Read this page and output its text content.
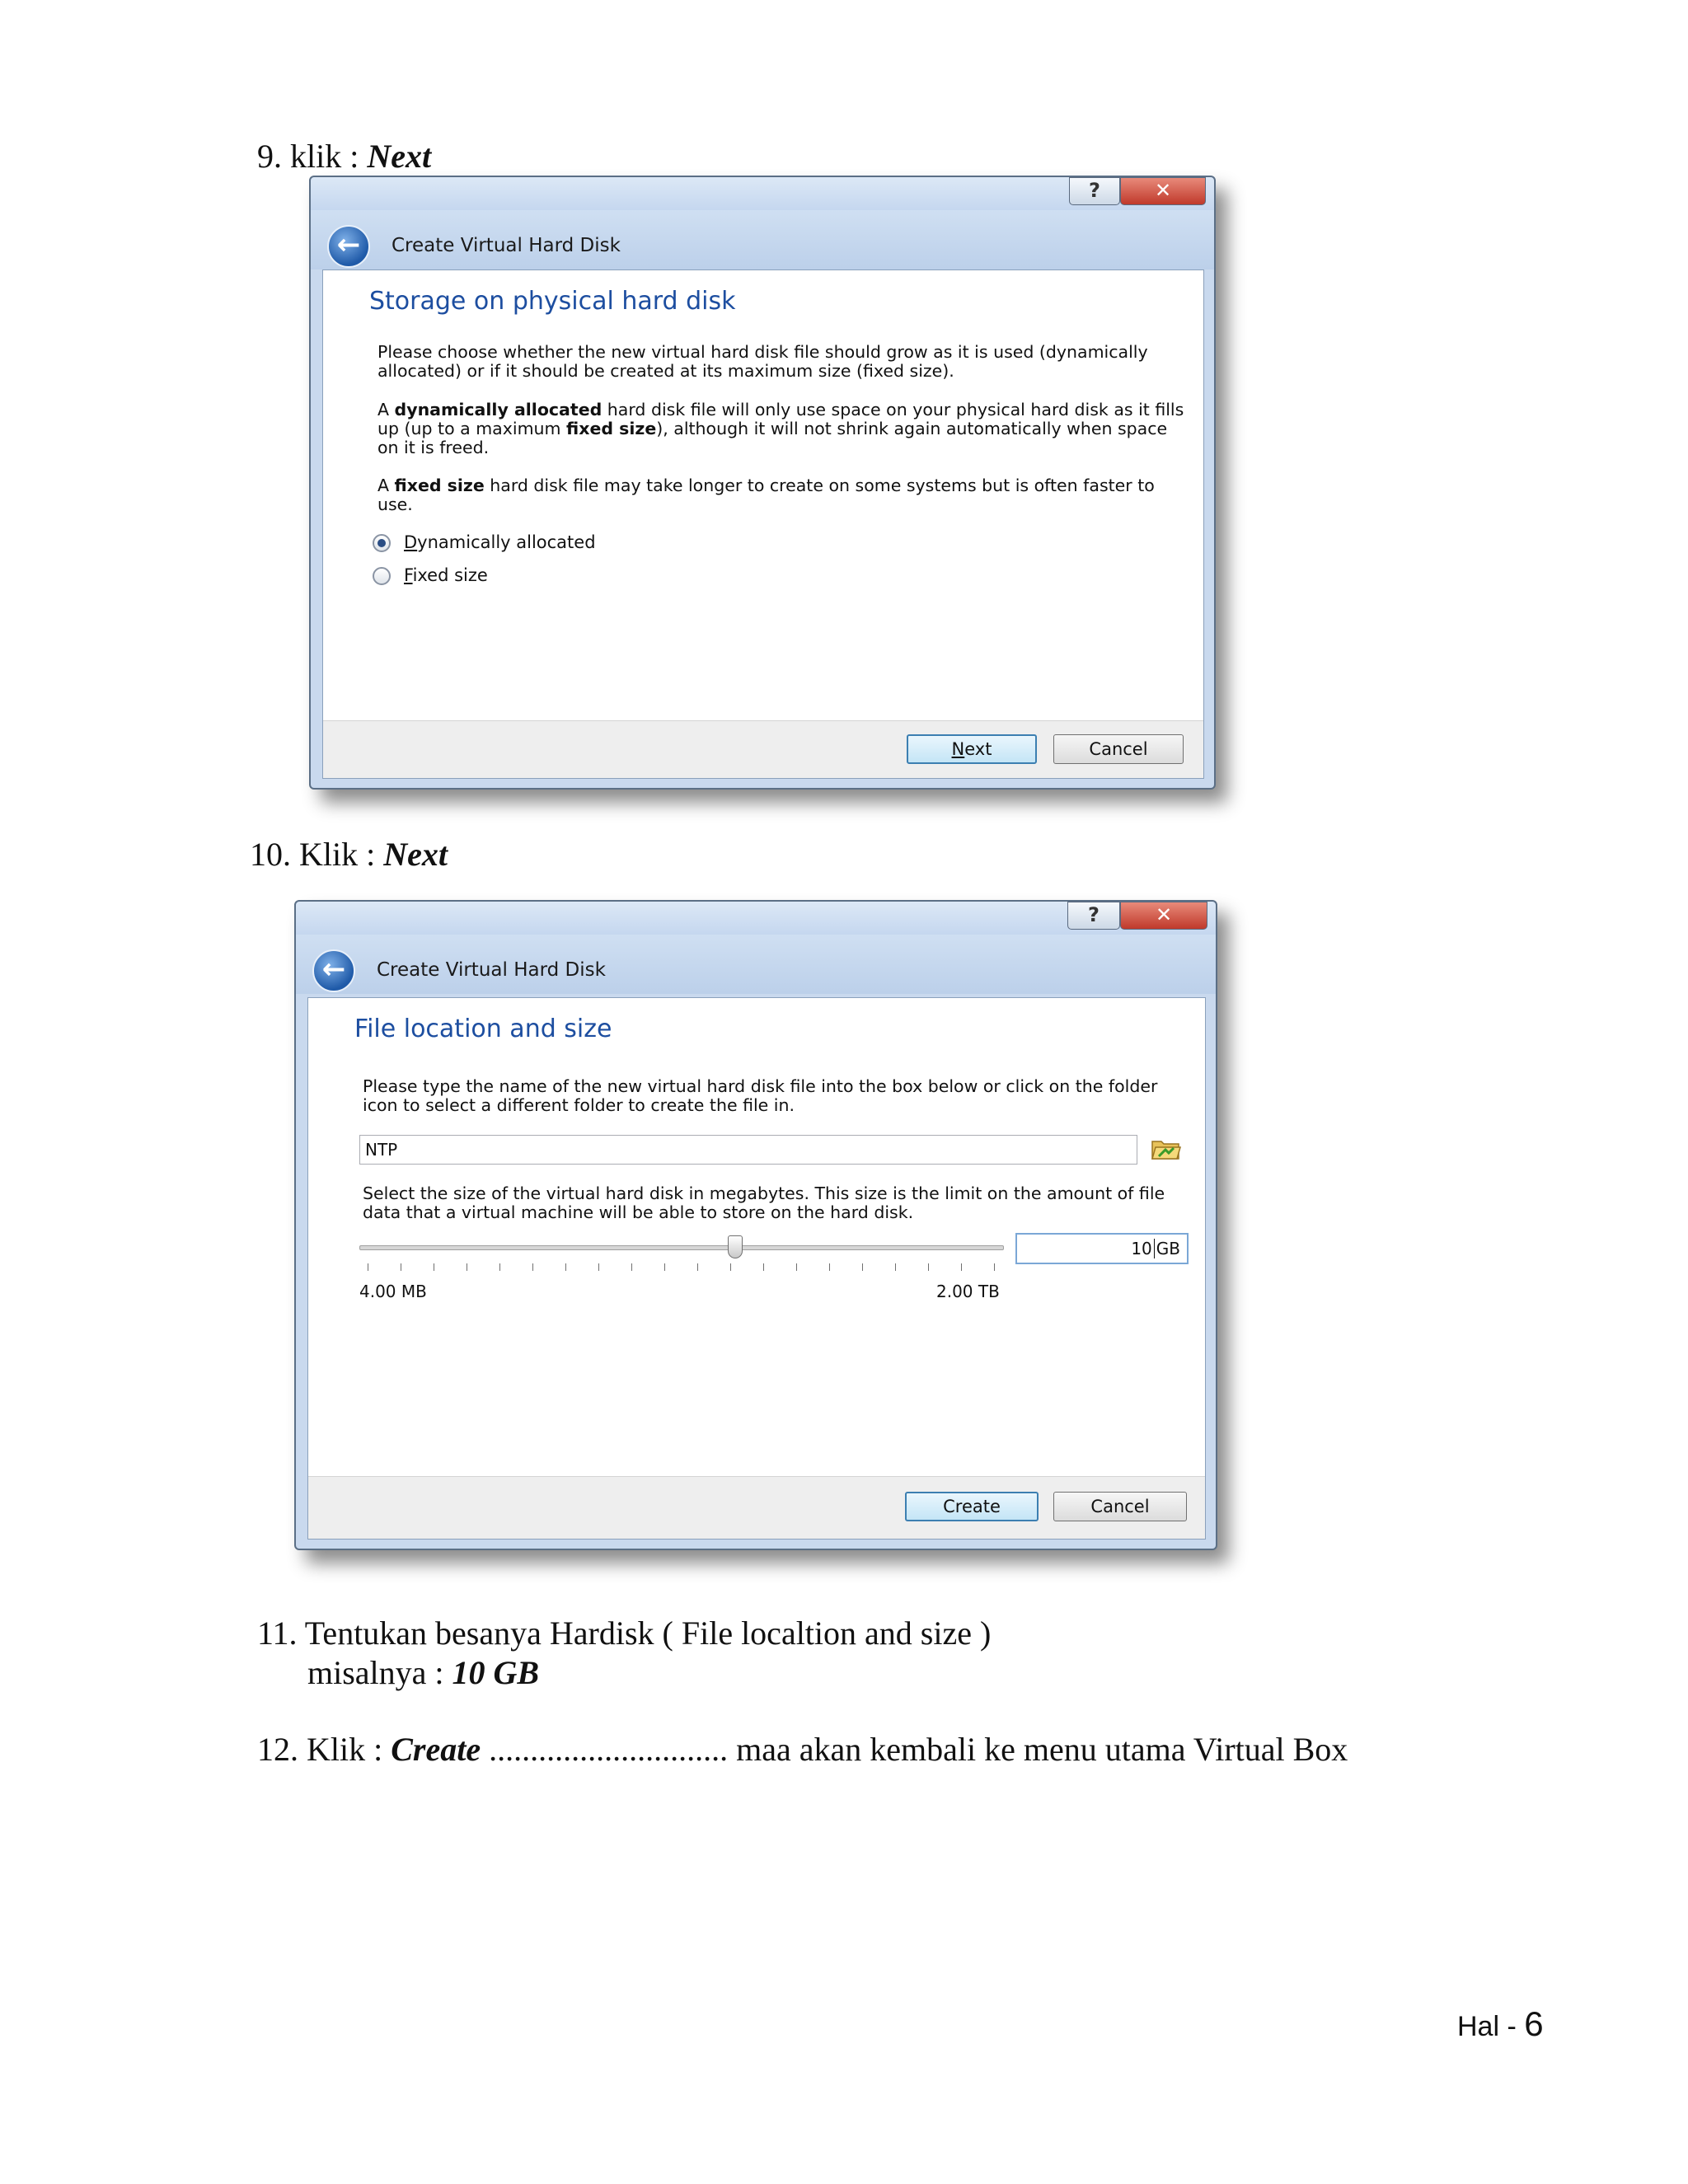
9. klik : Next
?	✕
←	Create Virtual Hard Disk
Storage on physical hard disk
Please choose whether the new virtual hard disk file should grow as it is used (dynamically allocated) or if it should be created at its maximum size (fixed size).
A dynamically allocated hard disk file will only use space on your physical hard disk as it fills up (up to a maximum fixed size), although it will not shrink again automatically when space on it is freed.
A fixed size hard disk file may take longer to create on some systems but is often faster to use.
Dynamically allocated
Fixed size
Next	Cancel
10. Klik : Next
?	✕
←	Create Virtual Hard Disk
File location and size
Please type the name of the new virtual hard disk file into the box below or click on the folder icon to select a different folder to create the file in.
NTP
Select the size of the virtual hard disk in megabytes. This size is the limit on the amount of file data that a virtual machine will be able to store on the hard disk.
4.00 MB	2.00 TB
10 GB
Create	Cancel
11. Tentukan besanya Hardisk ( File localtion and size )
misalnya : 10 GB
12. Klik : Create ............................. maa akan kembali ke menu utama Virtual Box
Hal - 6
